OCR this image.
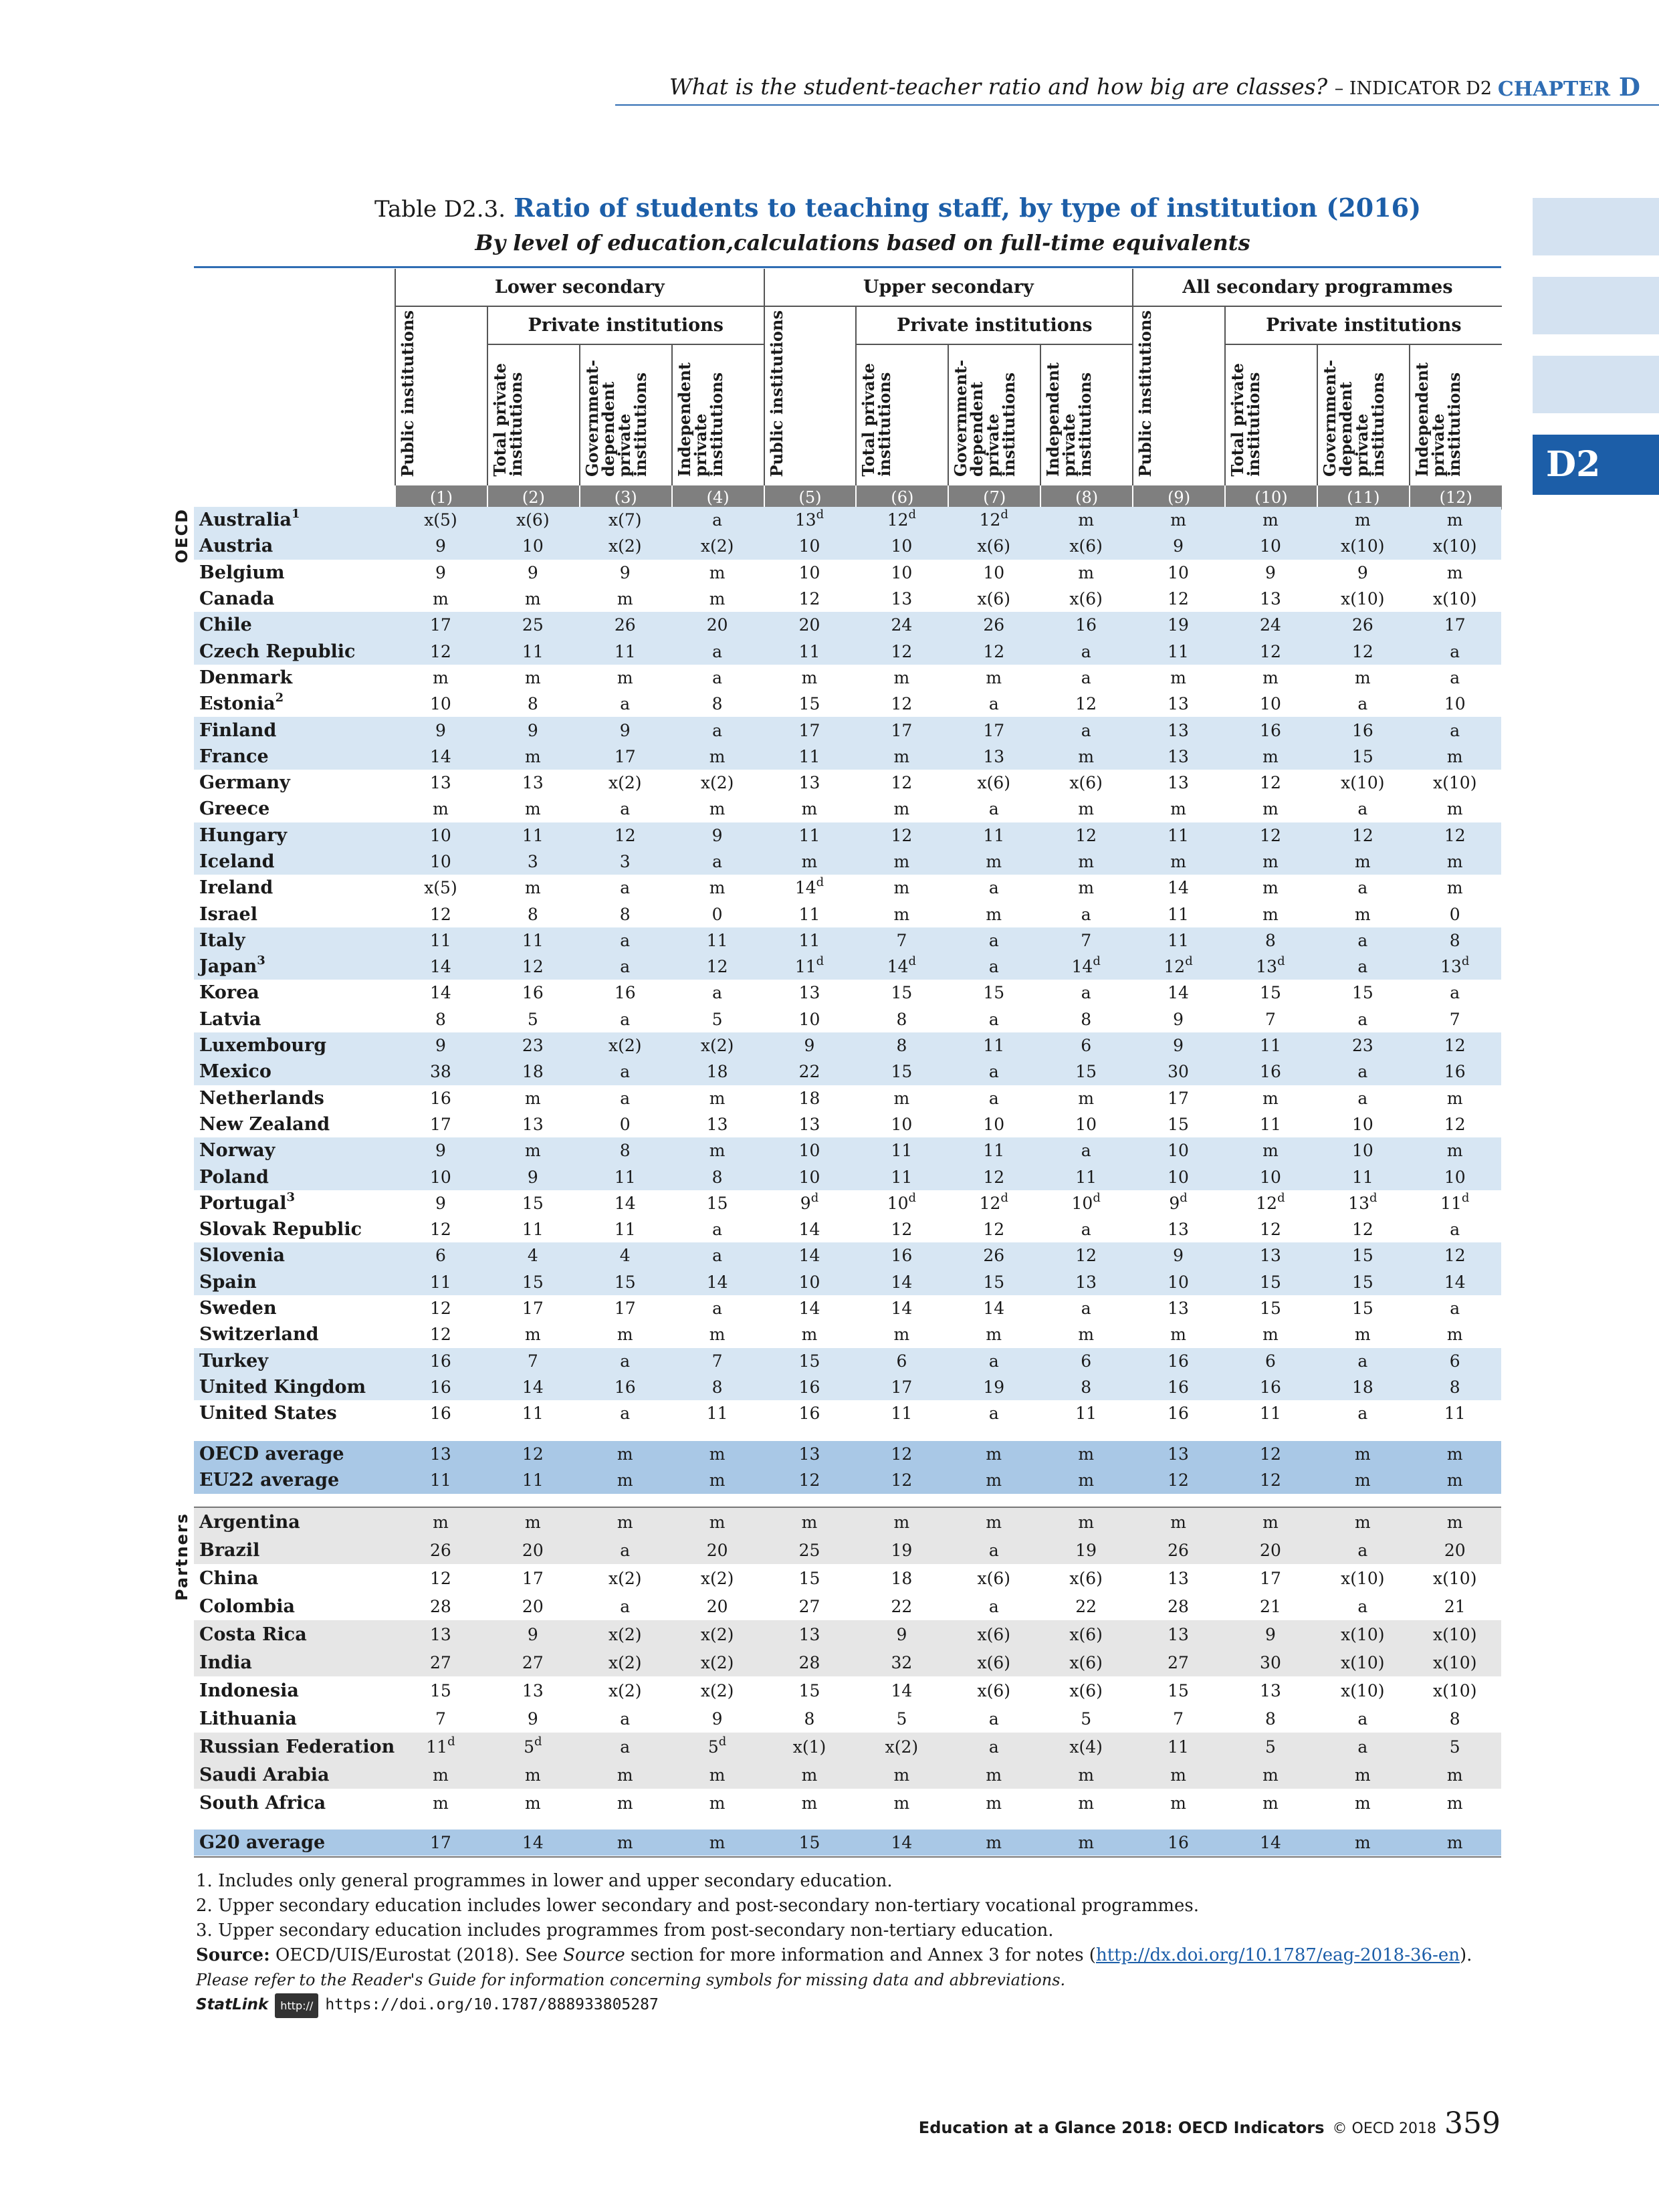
What is the student-teacher ratio and how big are classes? – INDICATOR D2 CHAPTER D
D2
Table D2.3. Ratio of students to teaching staff, by type of institution (2016)
By level of education,calculations based on full-time equivalents
Lower secondary				Upper secondary				All secondary programmes			
Public institutions	Private institutions			Public institutions	Private institutions			Public institutions	Private institutions		
	Total private
institutions	Government-
dependent
private
institutions	Independent
private
institutions		Total private
institutions	Government-
dependent
private
institutions	Independent
private
institutions		Total private
institutions	Government-
dependent
private
institutions	Independent
private
institutions
(1)	(2)	(3)	(4)	(5)	(6)	(7)	(8)	(9)	(10)	(11)	(12)
OECD
Partners
Australia$^1$	x(5)	x(6)	x(7)	a	13$^d$	12$^d$	12$^d$	m	m	m	m	m
Austria	9	10	x(2)	x(2)	10	10	x(6)	x(6)	9	10	x(10)	x(10)
Belgium	9	9	9	m	10	10	10	m	10	9	9	m
Canada	m	m	m	m	12	13	x(6)	x(6)	12	13	x(10)	x(10)
Chile	17	25	26	20	20	24	26	16	19	24	26	17
Czech Republic	12	11	11	a	11	12	12	a	11	12	12	a
Denmark	m	m	m	a	m	m	m	a	m	m	m	a
Estonia$^2$	10	8	a	8	15	12	a	12	13	10	a	10
Finland	9	9	9	a	17	17	17	a	13	16	16	a
France	14	m	17	m	11	m	13	m	13	m	15	m
Germany	13	13	x(2)	x(2)	13	12	x(6)	x(6)	13	12	x(10)	x(10)
Greece	m	m	a	m	m	m	a	m	m	m	a	m
Hungary	10	11	12	9	11	12	11	12	11	12	12	12
Iceland	10	3	3	a	m	m	m	m	m	m	m	m
Ireland	x(5)	m	a	m	14$^d$	m	a	m	14	m	a	m
Israel	12	8	8	0	11	m	m	a	11	m	m	0
Italy	11	11	a	11	11	7	a	7	11	8	a	8
Japan$^3$	14	12	a	12	11$^d$	14$^d$	a	14$^d$	12$^d$	13$^d$	a	13$^d$
Korea	14	16	16	a	13	15	15	a	14	15	15	a
Latvia	8	5	a	5	10	8	a	8	9	7	a	7
Luxembourg	9	23	x(2)	x(2)	9	8	11	6	9	11	23	12
Mexico	38	18	a	18	22	15	a	15	30	16	a	16
Netherlands	16	m	a	m	18	m	a	m	17	m	a	m
New Zealand	17	13	0	13	13	10	10	10	15	11	10	12
Norway	9	m	8	m	10	11	11	a	10	m	10	m
Poland	10	9	11	8	10	11	12	11	10	10	11	10
Portugal$^3$	9	15	14	15	9$^d$	10$^d$	12$^d$	10$^d$	9$^d$	12$^d$	13$^d$	11$^d$
Slovak Republic	12	11	11	a	14	12	12	a	13	12	12	a
Slovenia	6	4	4	a	14	16	26	12	9	13	15	12
Spain	11	15	15	14	10	14	15	13	10	15	15	14
Sweden	12	17	17	a	14	14	14	a	13	15	15	a
Switzerland	12	m	m	m	m	m	m	m	m	m	m	m
Turkey	16	7	a	7	15	6	a	6	16	6	a	6
United Kingdom	16	14	16	8	16	17	19	8	16	16	18	8
United States	16	11	a	11	16	11	a	11	16	11	a	11
OECD average	13	12	m	m	13	12	m	m	13	12	m	m
EU22 average	11	11	m	m	12	12	m	m	12	12	m	m
Argentina	m	m	m	m	m	m	m	m	m	m	m	m
Brazil	26	20	a	20	25	19	a	19	26	20	a	20
China	12	17	x(2)	x(2)	15	18	x(6)	x(6)	13	17	x(10)	x(10)
Colombia	28	20	a	20	27	22	a	22	28	21	a	21
Costa Rica	13	9	x(2)	x(2)	13	9	x(6)	x(6)	13	9	x(10)	x(10)
India	27	27	x(2)	x(2)	28	32	x(6)	x(6)	27	30	x(10)	x(10)
Indonesia	15	13	x(2)	x(2)	15	14	x(6)	x(6)	15	13	x(10)	x(10)
Lithuania	7	9	a	9	8	5	a	5	7	8	a	8
Russian Federation	11$^d$	5$^d$	a	5$^d$	x(1)	x(2)	a	x(4)	11	5	a	5
Saudi Arabia	m	m	m	m	m	m	m	m	m	m	m	m
South Africa	m	m	m	m	m	m	m	m	m	m	m	m
G20 average	17	14	m	m	15	14	m	m	16	14	m	m
1. Includes only general programmes in lower and upper secondary education.
2. Upper secondary education includes lower secondary and post-secondary non-tertiary vocational programmes.
3. Upper secondary education includes programmes from post-secondary non-tertiary education.
Source: OECD/UIS/Eurostat (2018). See Source section for more information and Annex 3 for notes (http://dx.doi.org/10.1787/eag-2018-36-en).
Please refer to the Reader's Guide for information concerning symbols for missing data and abbreviations.
StatLink http:// https://doi.org/10.1787/888933805287
Education at a Glance 2018: OECD Indicators © OECD 2018 359
